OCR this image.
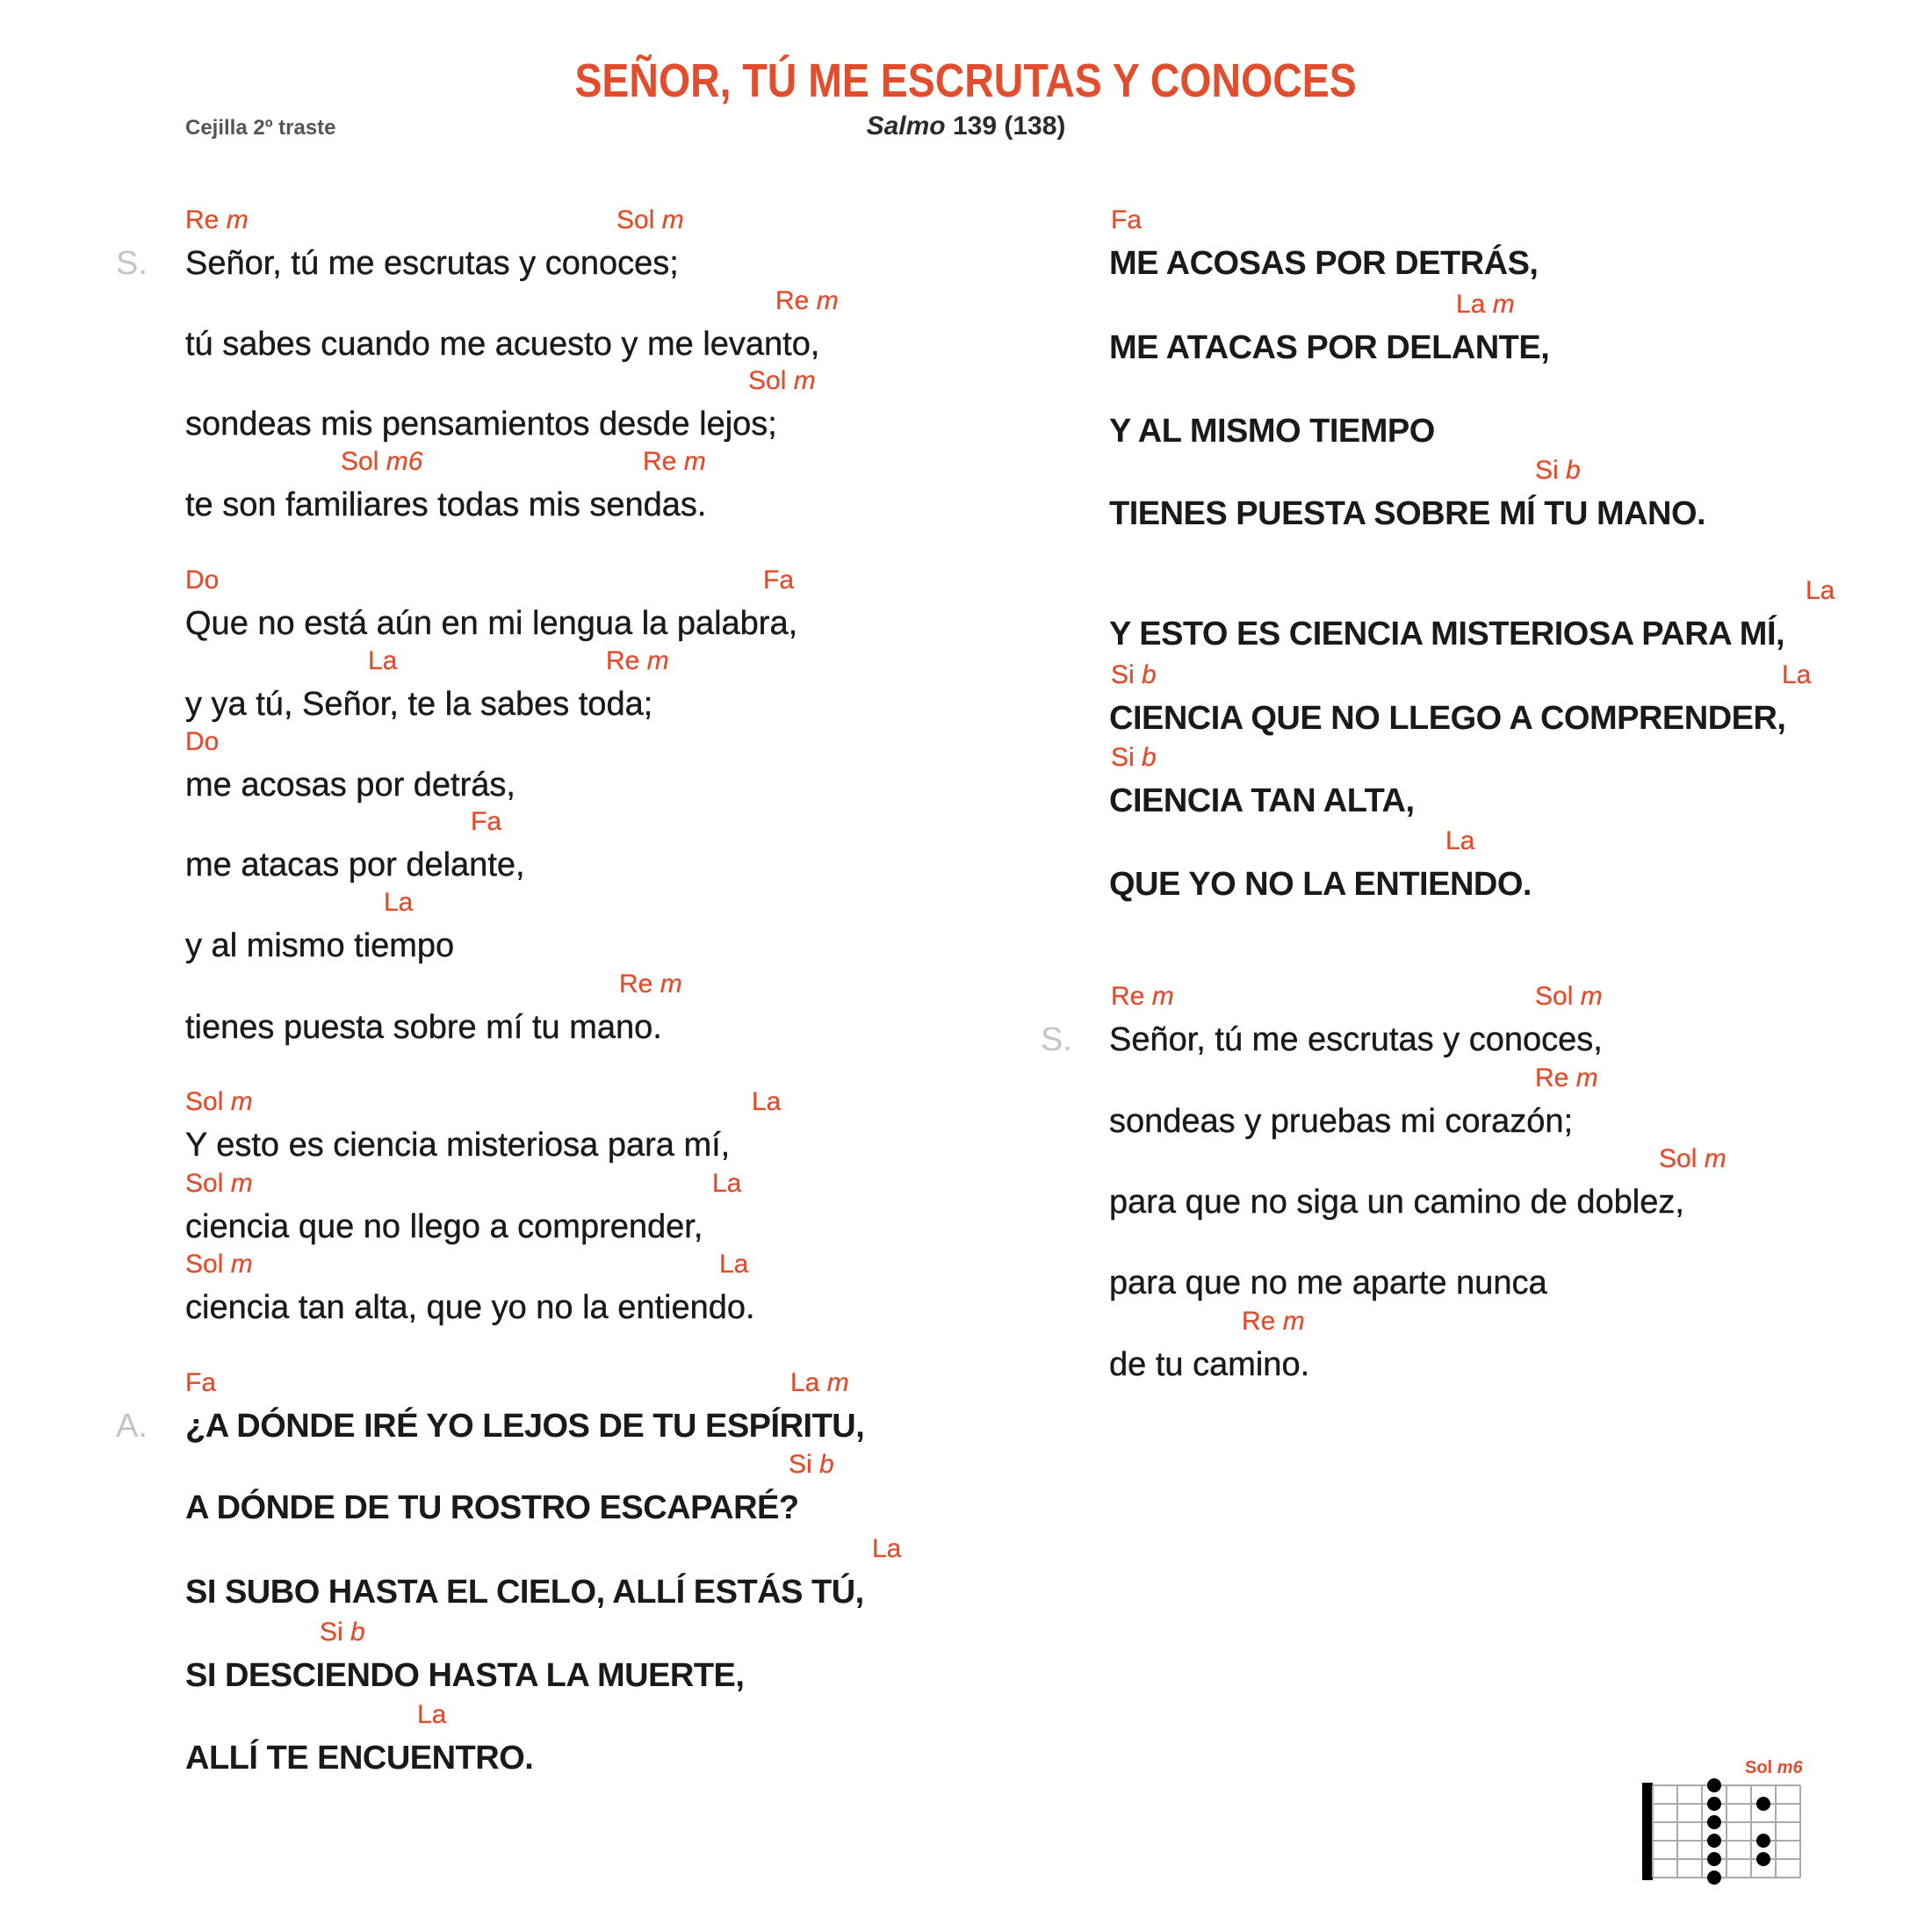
SEÑOR, TÚ ME ESCRUTAS Y CONOCES
Salmo 139 (138)
Cejilla 2º traste
S.
A.
Señor, tú me escrutas y conoces;
Re m	Sol m
tú sabes cuando me acuesto y me levanto,
Re m
sondeas mis pensamientos desde lejos;
Sol m
te son familiares todas mis sendas.
Sol m6	Re m
Que no está aún en mi lengua la palabra,
Do	Fa
y ya tú, Señor, te la sabes toda;
La	Re m
me acosas por detrás,
Do
me atacas por delante,
Fa
y al mismo tiempo
La
tienes puesta sobre mí tu mano.
Re m
Y esto es ciencia misteriosa para mí,
Sol m	La
ciencia que no llego a comprender,
Sol m	La
ciencia tan alta, que yo no la entiendo.
Sol m	La
¿A DÓNDE IRÉ YO LEJOS DE TU ESPÍRITU,
Fa	La m
A DÓNDE DE TU ROSTRO ESCAPARÉ?
Si b
SI SUBO HASTA EL CIELO, ALLÍ ESTÁS TÚ,
La
SI DESCIENDO HASTA LA MUERTE,
Si b
ALLÍ TE ENCUENTRO.
La
S.
ME ACOSAS POR DETRÁS,
Fa
ME ATACAS POR DELANTE,
La m
Y AL MISMO TIEMPO
TIENES PUESTA SOBRE MÍ TU MANO.
Si b
Y ESTO ES CIENCIA MISTERIOSA PARA MÍ,
La
CIENCIA QUE NO LLEGO A COMPRENDER,
Si b	La
CIENCIA TAN ALTA,
Si b
QUE YO NO LA ENTIENDO.
La
Señor, tú me escrutas y conoces,
Re m	Sol m
sondeas y pruebas mi corazón;
Re m
para que no siga un camino de doblez,
Sol m
para que no me aparte nunca
de tu camino.
Re m
Sol m6
